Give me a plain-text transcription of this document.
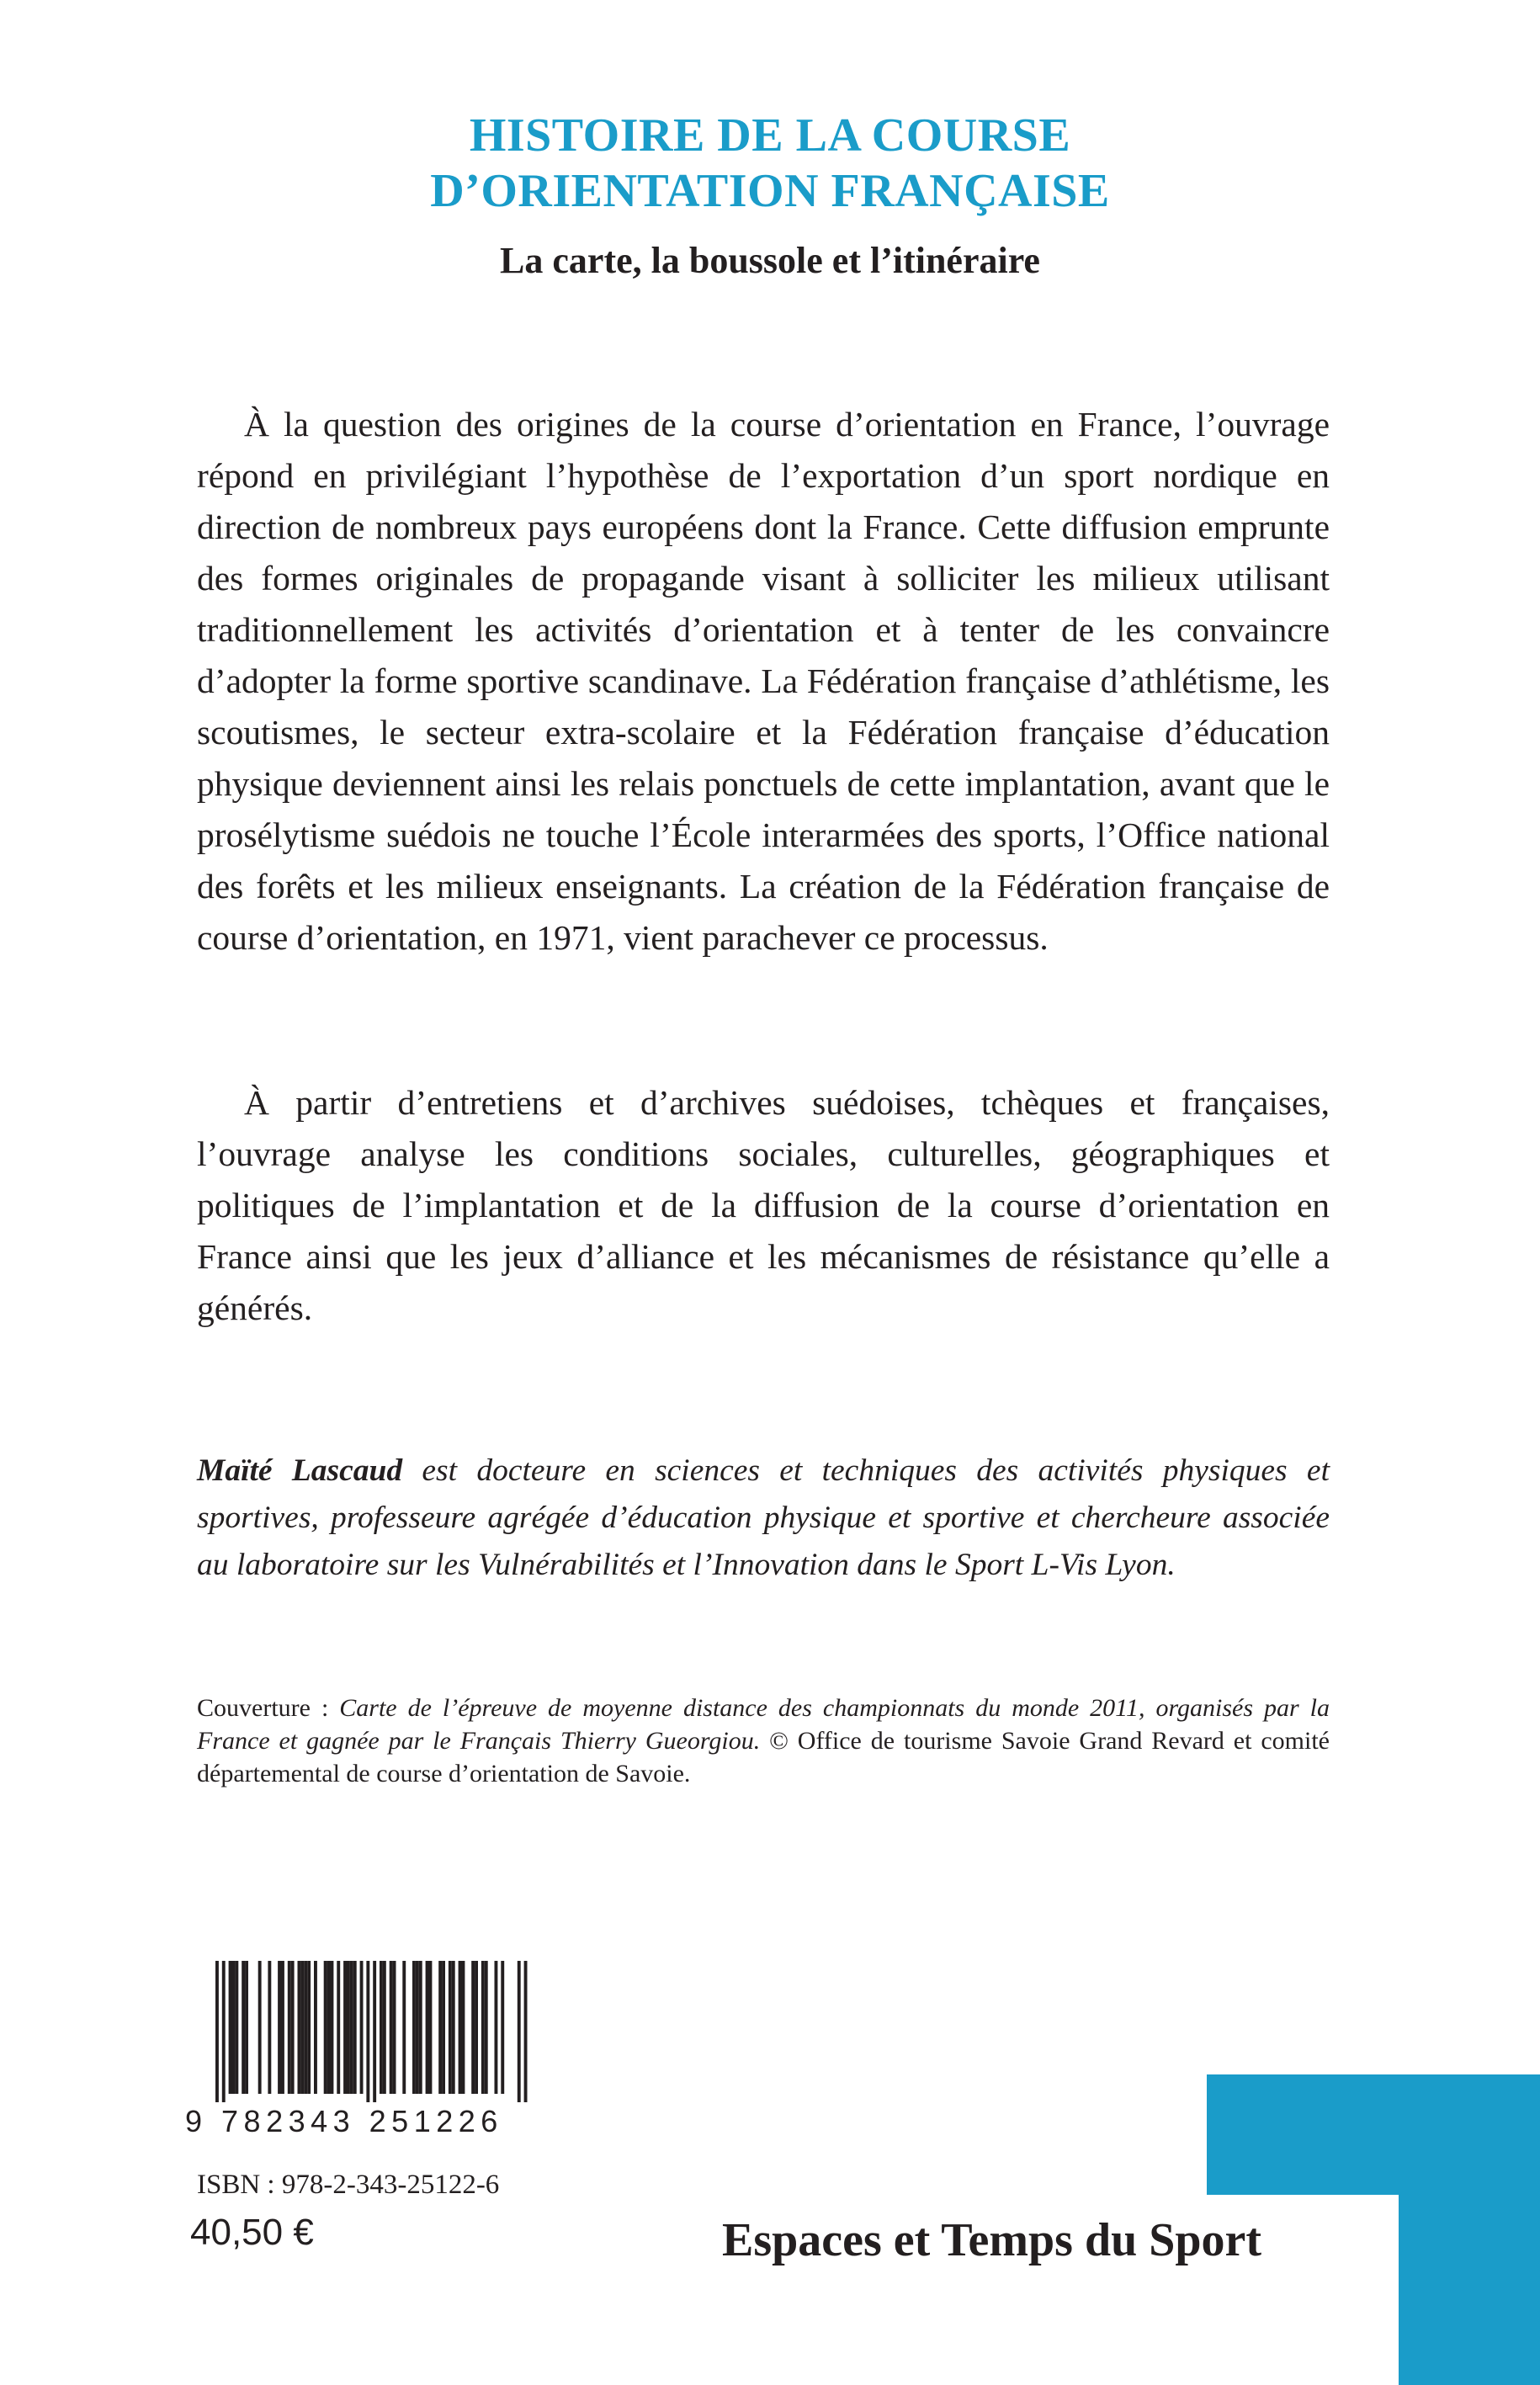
HISTOIRE DE LA COURSE
D’ORIENTATION FRANÇAISE
La carte, la boussole et l’itinéraire

À la question des origines de la course d’orientation en France, l’ouvrage répond en privilégiant l’hypothèse de l’exportation d’un sport nordique en direction de nombreux pays européens dont la France. Cette diffusion emprunte des formes originales de propagande visant à solliciter les milieux utilisant traditionnellement les activités d’orientation et à tenter de les convaincre d’adopter la forme sportive scandinave. La Fédération française d’athlétisme, les scoutismes, le secteur extra-scolaire et la Fédération française d’éducation physique deviennent ainsi les relais ponctuels de cette implantation, avant que le prosélytisme suédois ne touche l’École interarmées des sports, l’Office national des forêts et les milieux enseignants. La création de la Fédération française de course d’orientation, en 1971, vient parachever ce processus.

À partir d’entretiens et d’archives suédoises, tchèques et françaises, l’ouvrage analyse les conditions sociales, culturelles, géographiques et politiques de l’implantation et de la diffusion de la course d’orientation en France ainsi que les jeux d’alliance et les mécanismes de résistance qu’elle a générés.

Maïté Lascaud est docteure en sciences et techniques des activités physiques et sportives, professeure agrégée d’éducation physique et sportive et chercheure associée au laboratoire sur les Vulnérabilités et l’Innovation dans le Sport L-Vis Lyon.

Couverture : Carte de l’épreuve de moyenne distance des championnats du monde 2011, organisés par la France et gagnée par le Français Thierry Gueorgiou. © Office de tourisme Savoie Grand Revard et comité départemental de course d’orientation de Savoie.

9 782343 251226

ISBN : 978-2-343-25122-6

40,50 €	Espaces et Temps du Sport
